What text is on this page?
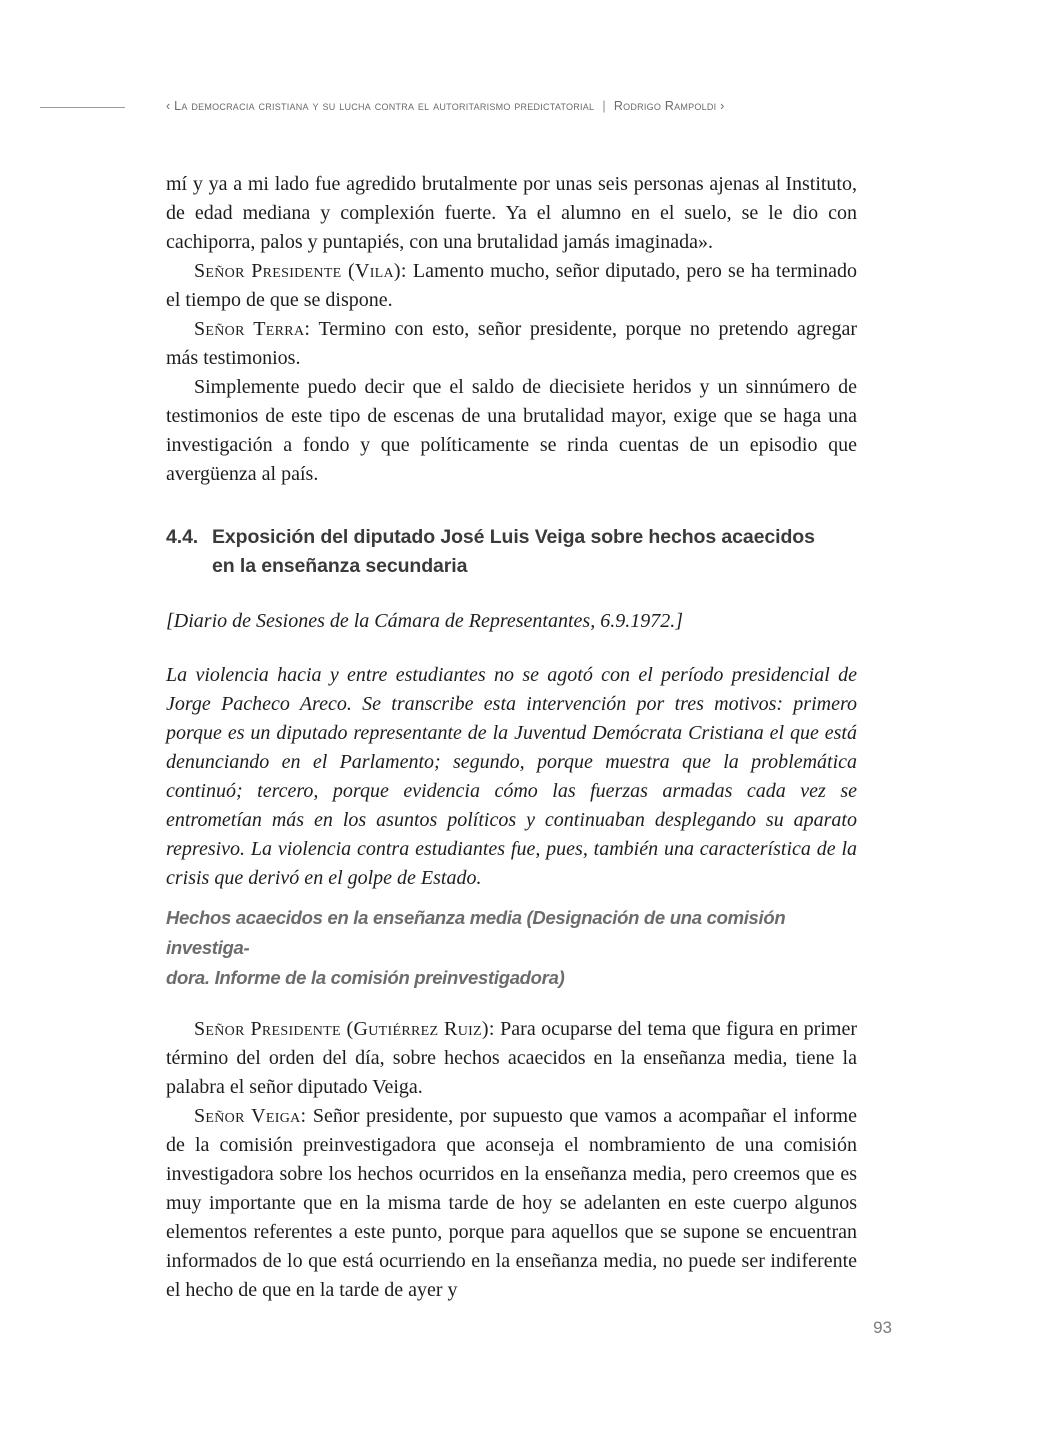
‹ La democracia cristiana y su lucha contra el autoritarismo predictatorial | Rodrigo Rampoldi ›

mí y ya a mi lado fue agredido brutalmente por unas seis personas ajenas al Instituto, de edad mediana y complexión fuerte. Ya el alumno en el suelo, se le dio con cachiporra, palos y puntapiés, con una brutalidad jamás imaginada».

Señor Presidente (Vila): Lamento mucho, señor diputado, pero se ha terminado el tiempo de que se dispone.

Señor Terra: Termino con esto, señor presidente, porque no pretendo agregar más testimonios.

Simplemente puedo decir que el saldo de diecisiete heridos y un sinnúmero de testimonios de este tipo de escenas de una brutalidad mayor, exige que se haga una investigación a fondo y que políticamente se rinda cuentas de un episodio que avergüenza al país.

4.4. Exposición del diputado José Luis Veiga sobre hechos acaecidos
en la enseñanza secundaria

[Diario de Sesiones de la Cámara de Representantes, 6.9.1972.]

La violencia hacia y entre estudiantes no se agotó con el período presidencial de Jorge Pacheco Areco. Se transcribe esta intervención por tres motivos: primero porque es un diputado representante de la Juventud Demócrata Cristiana el que está denunciando en el Parlamento; segundo, porque muestra que la problemática continuó; tercero, porque evidencia cómo las fuerzas armadas cada vez se entrometían más en los asuntos políticos y continuaban desplegando su aparato represivo. La violencia contra estudiantes fue, pues, también una característica de la crisis que derivó en el golpe de Estado.

Hechos acaecidos en la enseñanza media (Designación de una comisión investiga-
dora. Informe de la comisión preinvestigadora)

Señor Presidente (Gutiérrez Ruiz): Para ocuparse del tema que figura en primer término del orden del día, sobre hechos acaecidos en la enseñanza media, tiene la palabra el señor diputado Veiga.

Señor Veiga: Señor presidente, por supuesto que vamos a acompañar el informe de la comisión preinvestigadora que aconseja el nombramiento de una comisión investigadora sobre los hechos ocurridos en la enseñanza media, pero creemos que es muy importante que en la misma tarde de hoy se adelanten en este cuerpo algunos elementos referentes a este punto, porque para aquellos que se supone se encuentran informados de lo que está ocurriendo en la enseñanza media, no puede ser indiferente el hecho de que en la tarde de ayer y

93
